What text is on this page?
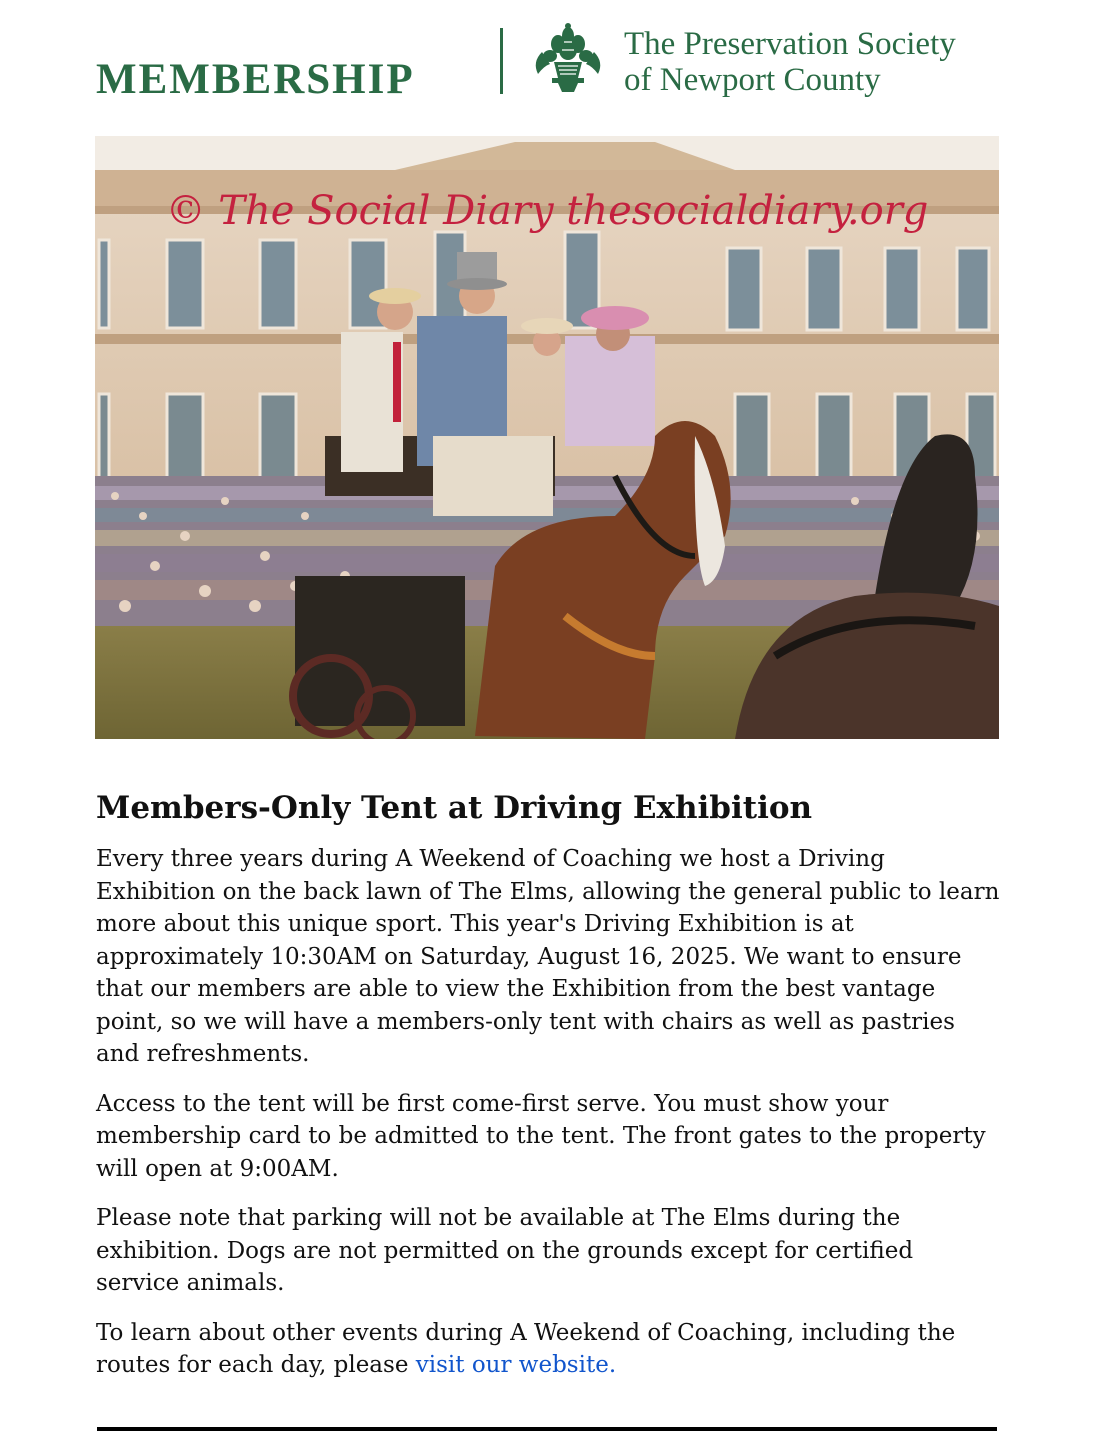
MEMBERSHIP
The Preservation Society
of Newport County
© The Social Diary thesocialdiary.org
Members-Only Tent at Driving Exhibition

Every three years during A Weekend of Coaching we host a Driving Exhibition on the back lawn of The Elms, allowing the general public to learn more about this unique sport. This year's Driving Exhibition is at approximately 10:30AM on Saturday, August 16, 2025. We want to ensure that our members are able to view the Exhibition from the best vantage point, so we will have a members-only tent with chairs as well as pastries and refreshments.

Access to the tent will be first come-first serve. You must show your membership card to be admitted to the tent. The front gates to the property will open at 9:00AM.

Please note that parking will not be available at The Elms during the exhibition. Dogs are not permitted on the grounds except for certified service animals.

To learn about other events during A Weekend of Coaching, including the routes for each day, please visit our website.
